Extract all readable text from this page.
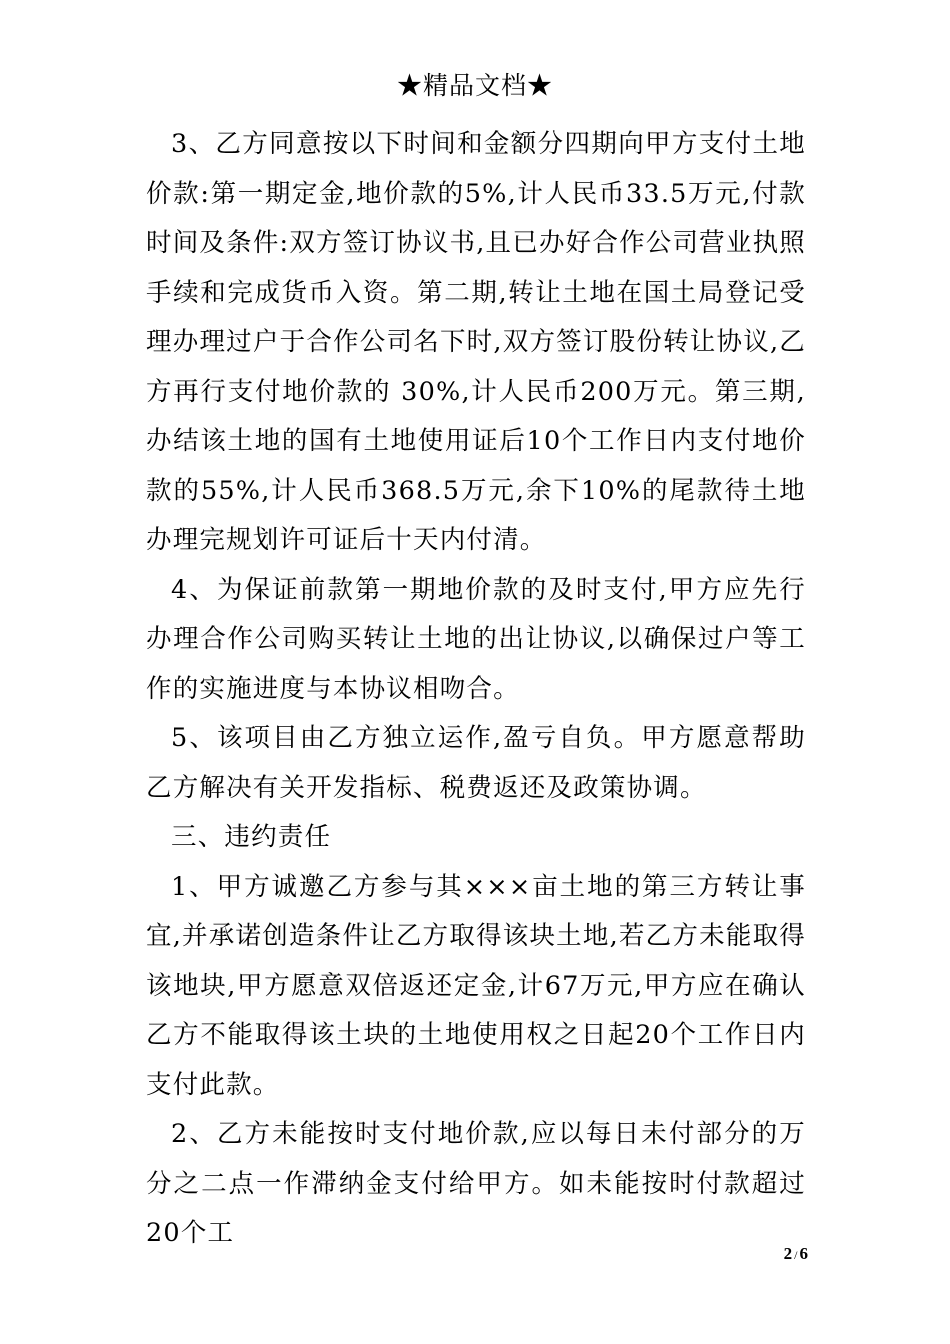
★精品文档★

3、乙方同意按以下时间和金额分四期向甲方支付土地价款:第一期定金,地价款的5%,计人民币33.5万元,付款时间及条件:双方签订协议书,且已办好合作公司营业执照手续和完成货币入资。第二期,转让土地在国土局登记受理办理过户于合作公司名下时,双方签订股份转让协议,乙方再行支付地价款的 30%,计人民币200万元。第三期,办结该土地的国有土地使用证后10个工作日内支付地价款的55%,计人民币368.5万元,余下10%的尾款待土地办理完规划许可证后十天内付清。

4、为保证前款第一期地价款的及时支付,甲方应先行办理合作公司购买转让土地的出让协议,以确保过户等工作的实施进度与本协议相吻合。

5、该项目由乙方独立运作,盈亏自负。甲方愿意帮助乙方解决有关开发指标、税费返还及政策协调。

三、违约责任

1、甲方诚邀乙方参与其×××亩土地的第三方转让事宜,并承诺创造条件让乙方取得该块土地,若乙方未能取得该地块,甲方愿意双倍返还定金,计67万元,甲方应在确认乙方不能取得该土块的土地使用权之日起20个工作日内支付此款。

2、乙方未能按时支付地价款,应以每日未付部分的万分之二点一作滞纳金支付给甲方。如未能按时付款超过20个工

2 / 6
